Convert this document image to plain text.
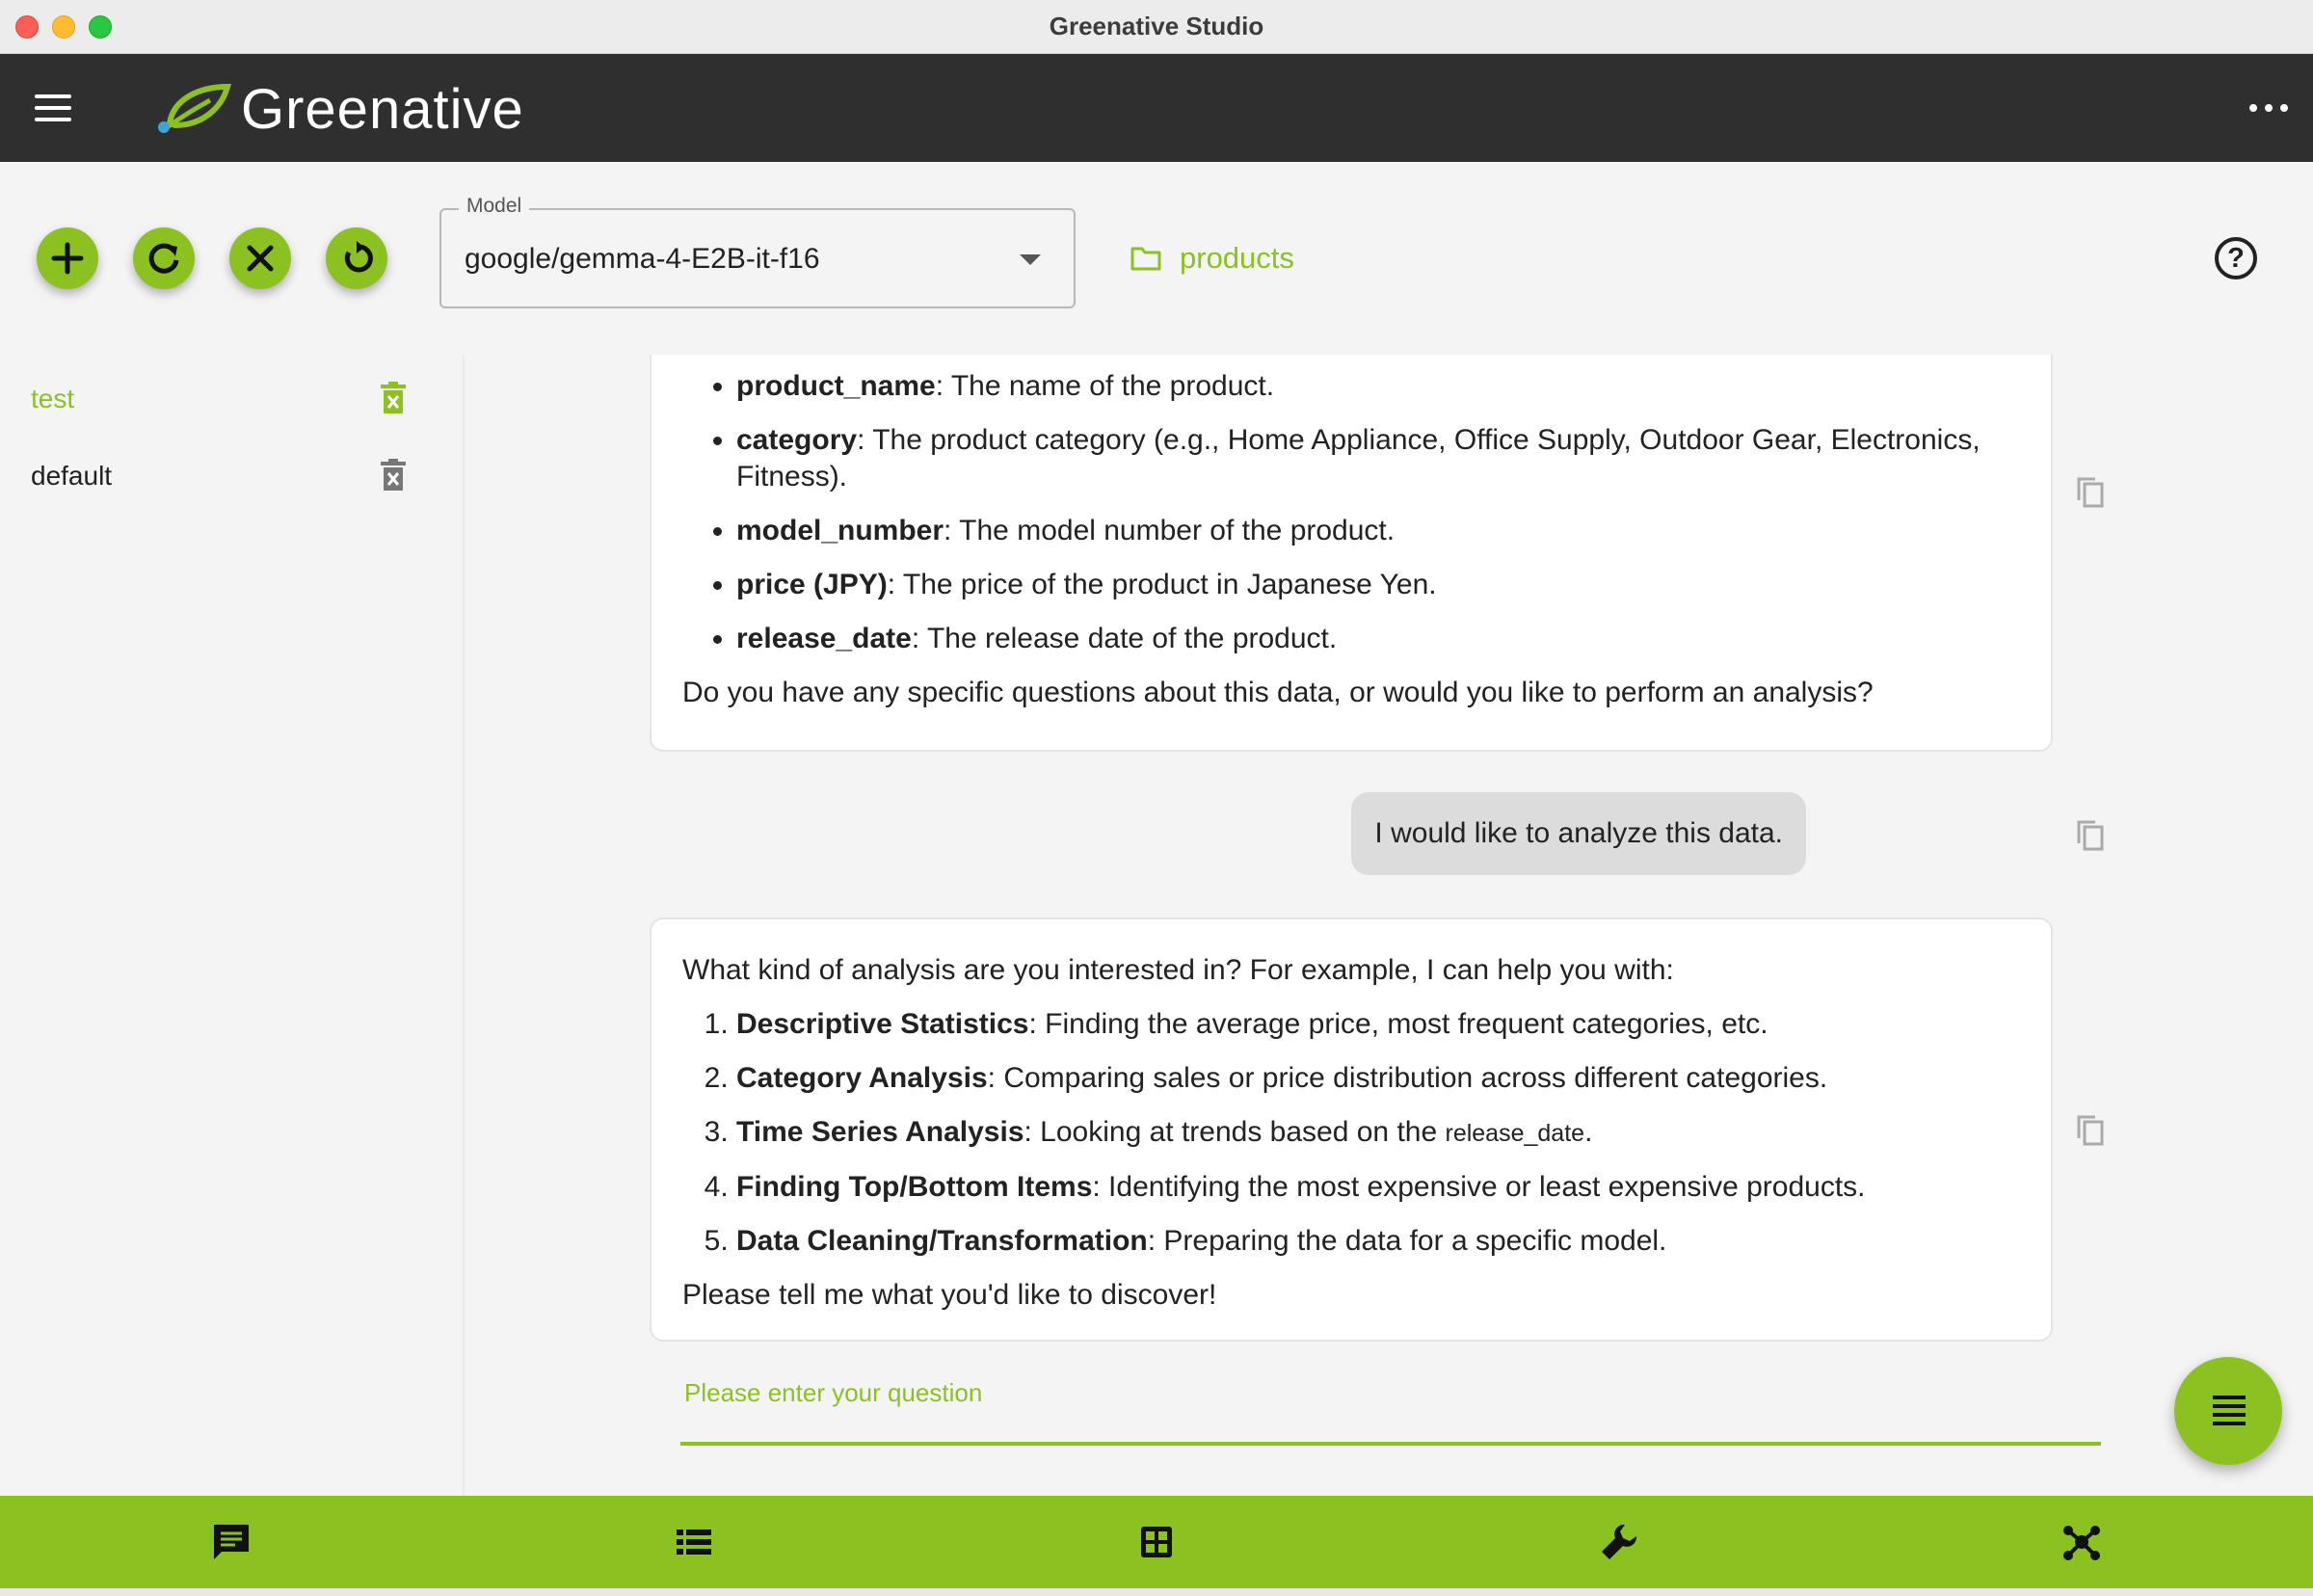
Greenative Studio
Greenative
Model
google/gemma-4-E2B-it-f16	products	?
test
default
• product_name: The name of the product.
• category: The product category (e.g., Home Appliance, Office Supply, Outdoor Gear, Electronics, Fitness).
• model_number: The model number of the product.
• price (JPY): The price of the product in Japanese Yen.
• release_date: The release date of the product.
Do you have any specific questions about this data, or would you like to perform an analysis?
I would like to analyze this data.
What kind of analysis are you interested in? For example, I can help you with:
1. Descriptive Statistics: Finding the average price, most frequent categories, etc.
2. Category Analysis: Comparing sales or price distribution across different categories.
3. Time Series Analysis: Looking at trends based on the release_date.
4. Finding Top/Bottom Items: Identifying the most expensive or least expensive products.
5. Data Cleaning/Transformation: Preparing the data for a specific model.
Please tell me what you'd like to discover!
Please enter your question
